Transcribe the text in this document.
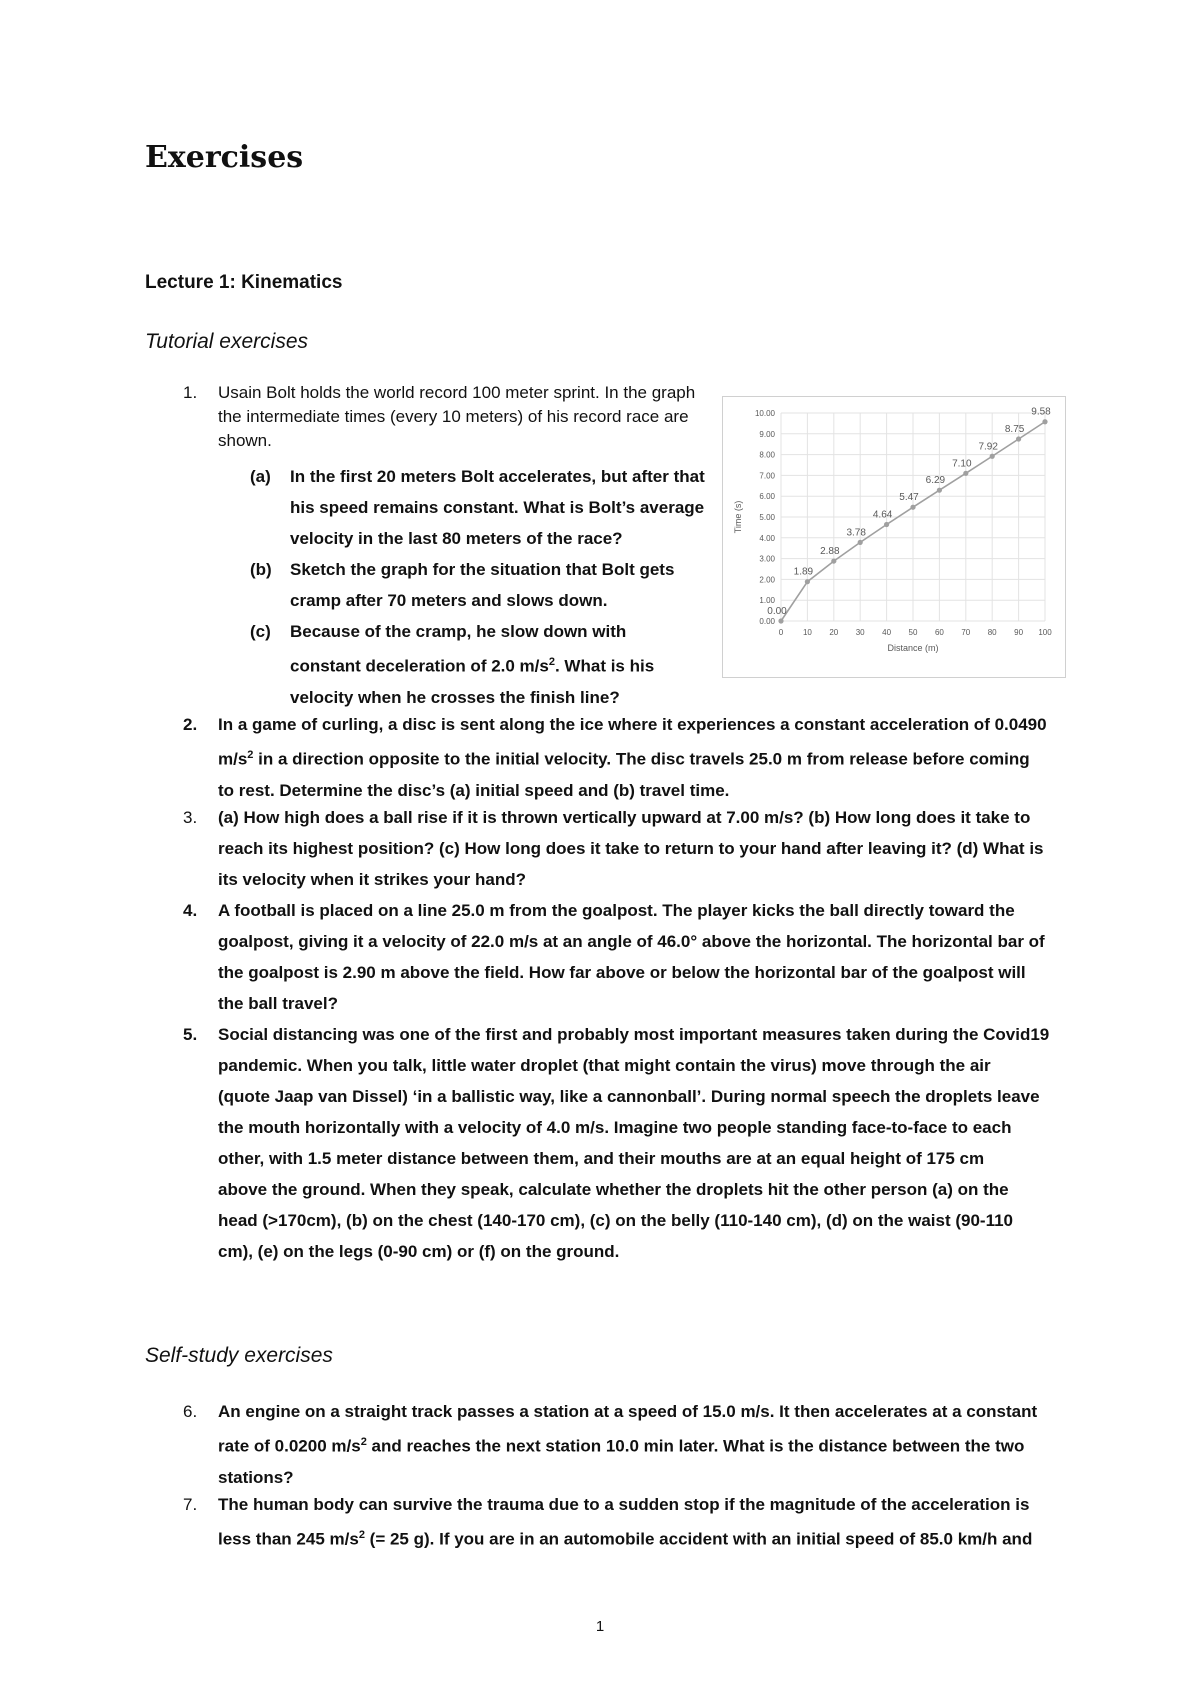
Exercises
Lecture 1: Kinematics
Tutorial exercises
1.	Usain Bolt holds the world record 100 meter sprint. In the graph the intermediate times (every 10 meters) of his record race are shown.
(a) In the first 20 meters Bolt accelerates, but after that his speed remains constant. What is Bolt’s average velocity in the last 80 meters of the race?
(b) Sketch the graph for the situation that Bolt gets cramp after 70 meters and slows down.
(c) Because of the cramp, he slow down with
constant deceleration of 2.0 $m/s^2$. What is his
velocity when he crosses the finish line?
0.00
1.00
2.00
3.00
4.00
5.00
6.00
7.00
8.00
9.00
10.00
0 10 20 30 40 50 60 70 80 90 100
Distance (m)
Time (s)
0.00
1.89
2.88
3.78
4.64
5.47
6.29
7.10
7.92
8.75
9.58
2.	In a game of curling, a disc is sent along the ice where it experiences a constant acceleration of 0.0490
$m/s^2$ in a direction opposite to the initial velocity. The disc travels 25.0 m from release before coming
to rest. Determine the disc’s (a) initial speed and (b) travel time.
3.	(a) How high does a ball rise if it is thrown vertically upward at 7.00 m/s? (b) How long does it take to
reach its highest position? (c) How long does it take to return to your hand after leaving it? (d) What is
its velocity when it strikes your hand?
4.	A football is placed on a line 25.0 m from the goalpost. The player kicks the ball directly toward the
goalpost, giving it a velocity of 22.0 m/s at an angle of 46.0° above the horizontal. The horizontal bar of
the goalpost is 2.90 m above the field. How far above or below the horizontal bar of the goalpost will
the ball travel?
5.	Social distancing was one of the first and probably most important measures taken during the Covid19
pandemic. When you talk, little water droplet (that might contain the virus) move through the air
(quote Jaap van Dissel) ‘in a ballistic way, like a cannonball’. During normal speech the droplets leave
the mouth horizontally with a velocity of 4.0 m/s. Imagine two people standing face-to-face to each
other, with 1.5 meter distance between them, and their mouths are at an equal height of 175 cm
above the ground. When they speak, calculate whether the droplets hit the other person (a) on the
head (>170cm), (b) on the chest (140-170 cm), (c) on the belly (110-140 cm), (d) on the waist (90-110
cm), (e) on the legs (0-90 cm) or (f) on the ground.
Self-study exercises
6.	An engine on a straight track passes a station at a speed of 15.0 m/s. It then accelerates at a constant
rate of 0.0200 $m/s^2$ and reaches the next station 10.0 min later. What is the distance between the two
stations?
7.	The human body can survive the trauma due to a sudden stop if the magnitude of the acceleration is
less than 245 $m/s^2$ (= 25 g). If you are in an automobile accident with an initial speed of 85.0 km/h and
1
